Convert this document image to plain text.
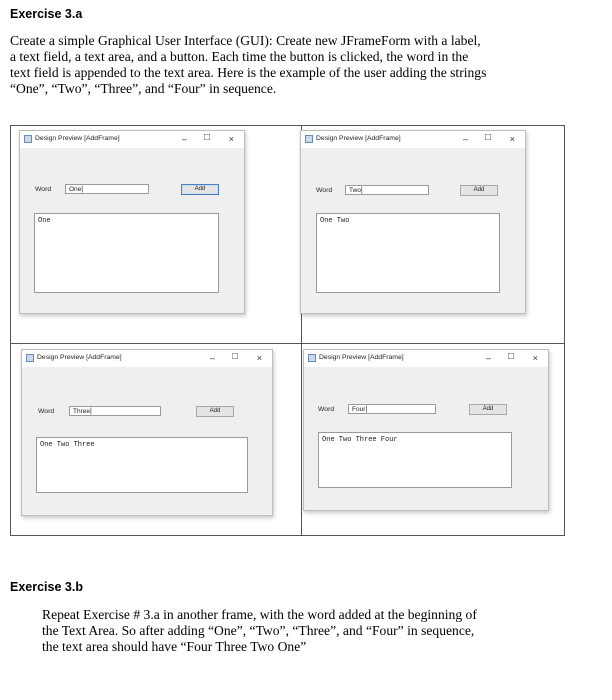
Exercise 3.a
Create a simple Graphical User Interface (GUI): Create new JFrameForm with a label,
a text field, a text area, and a button. Each time the button is clicked, the word in the
text field is appended to the text area. Here is the example of the user adding the strings
“One”, “Two”, “Three”, and “Four” in sequence.
Design Preview [AddFrame]	– □ ×
Word	One |	Add
One
Design Preview [AddFrame]	– □ ×
Word	Two |	Add
One Two
Design Preview [AddFrame]	– □ ×
Word	Three |	Add
One Two Three
Design Preview [AddFrame]	– □ ×
Word	Four |	Add
One Two Three Four
Exercise 3.b
Repeat Exercise # 3.a in another frame, with the word added at the beginning of
the Text Area. So after adding “One”, “Two”, “Three”, and “Four” in sequence,
the text area should have “Four Three Two One”
